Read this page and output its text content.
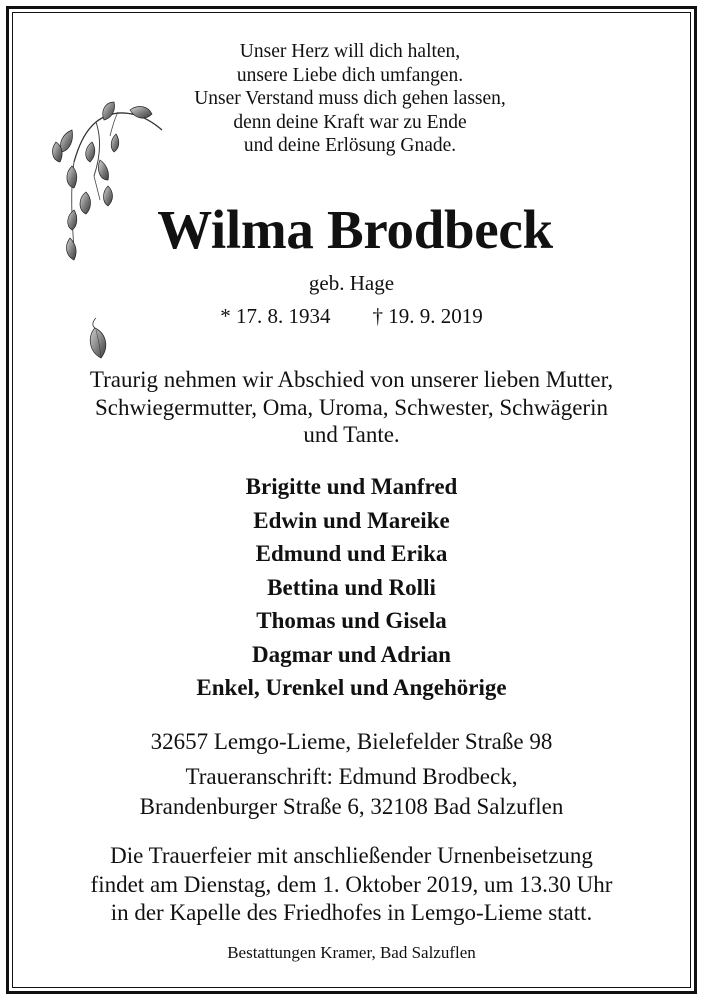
Unser Herz will dich halten,
unsere Liebe dich umfangen.
Unser Verstand muss dich gehen lassen,
denn deine Kraft war zu Ende
und deine Erlösung Gnade.
Wilma Brodbeck
geb. Hage
* 17. 8. 1934 † 19. 9. 2019
Traurig nehmen wir Abschied von unserer lieben Mutter,
Schwiegermutter, Oma, Uroma, Schwester, Schwägerin
und Tante.
Brigitte und Manfred
Edwin und Mareike
Edmund und Erika
Bettina und Rolli
Thomas und Gisela
Dagmar und Adrian
Enkel, Urenkel und Angehörige
32657 Lemgo-Lieme, Bielefelder Straße 98
Traueranschrift: Edmund Brodbeck,
Brandenburger Straße 6, 32108 Bad Salzuflen
Die Trauerfeier mit anschließender Urnenbeisetzung
findet am Dienstag, dem 1. Oktober 2019, um 13.30 Uhr
in der Kapelle des Friedhofes in Lemgo-Lieme statt.
Bestattungen Kramer, Bad Salzuflen
